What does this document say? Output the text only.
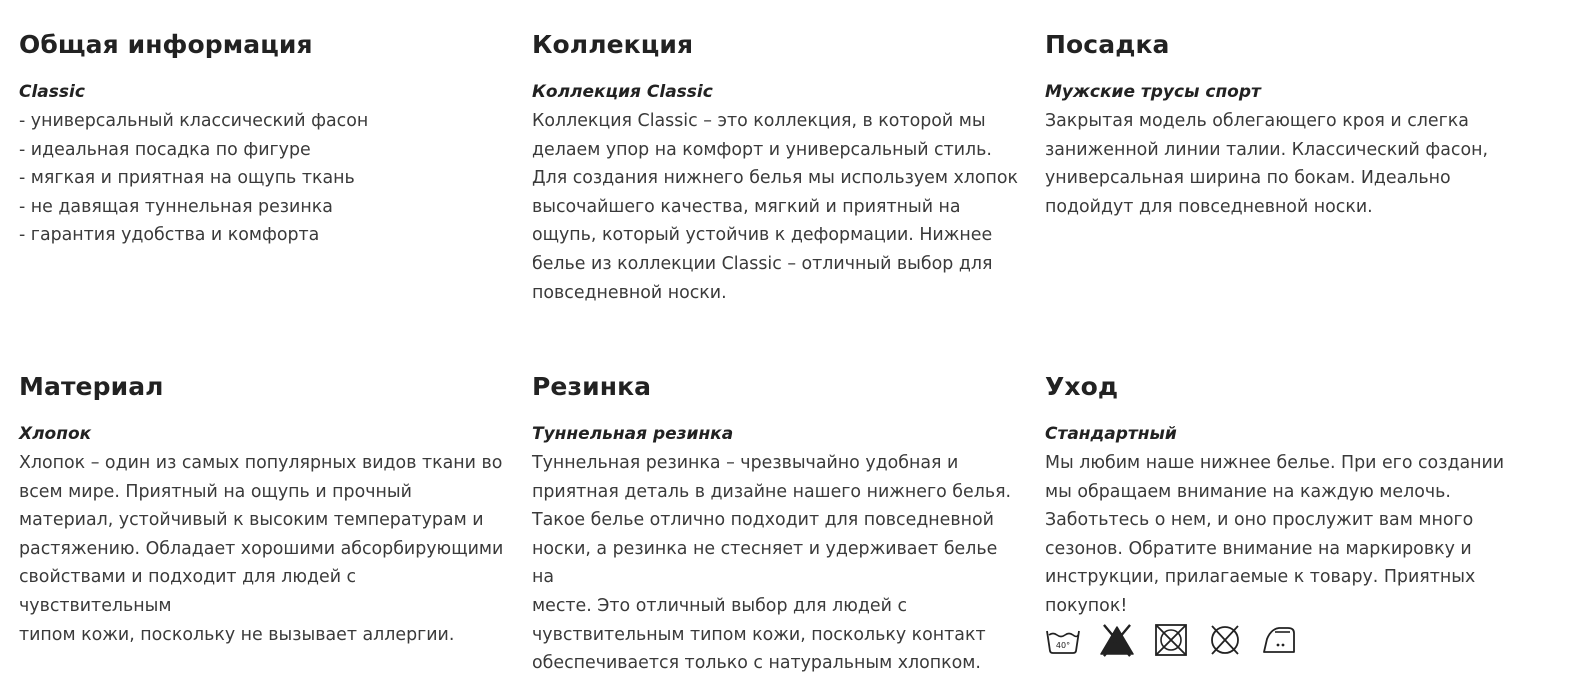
Общая информация
Classic
- универсальный классический фасон
- идеальная посадка по фигуре
- мягкая и приятная на ощупь ткань
- не давящая туннельная резинка
- гарантия удобства и комфорта
Коллекция
Коллекция Classic
Коллекция Classic – это коллекция, в которой мы
делаем упор на комфорт и универсальный стиль.
Для создания нижнего белья мы используем хлопок
высочайшего качества, мягкий и приятный на
ощупь, который устойчив к деформации. Нижнее
белье из коллекции Classic – отличный выбор для
повседневной носки.
Посадка
Мужские трусы спорт
Закрытая модель облегающего кроя и слегка
заниженной линии талии. Классический фасон,
универсальная ширина по бокам. Идеально
подойдут для повседневной носки.
Материал
Хлопок
Хлопок – один из самых популярных видов ткани во
всем мире. Приятный на ощупь и прочный
материал, устойчивый к высоким температурам и
растяжению. Обладает хорошими абсорбирующими
свойствами и подходит для людей с чувствительным
типом кожи, поскольку не вызывает аллергии.
Резинка
Туннельная резинка
Туннельная резинка – чрезвычайно удобная и
приятная деталь в дизайне нашего нижнего белья.
Такое белье отлично подходит для повседневной
носки, а резинка не стесняет и удерживает белье на
месте. Это отличный выбор для людей с
чувствительным типом кожи, поскольку контакт
обеспечивается только с натуральным хлопком.
Уход
Стандартный
Мы любим наше нижнее белье. При его создании
мы обращаем внимание на каждую мелочь.
Заботьтесь о нем, и оно прослужит вам много
сезонов. Обратите внимание на маркировку и
инструкции, прилагаемые к товару. Приятных
покупок!
40°
